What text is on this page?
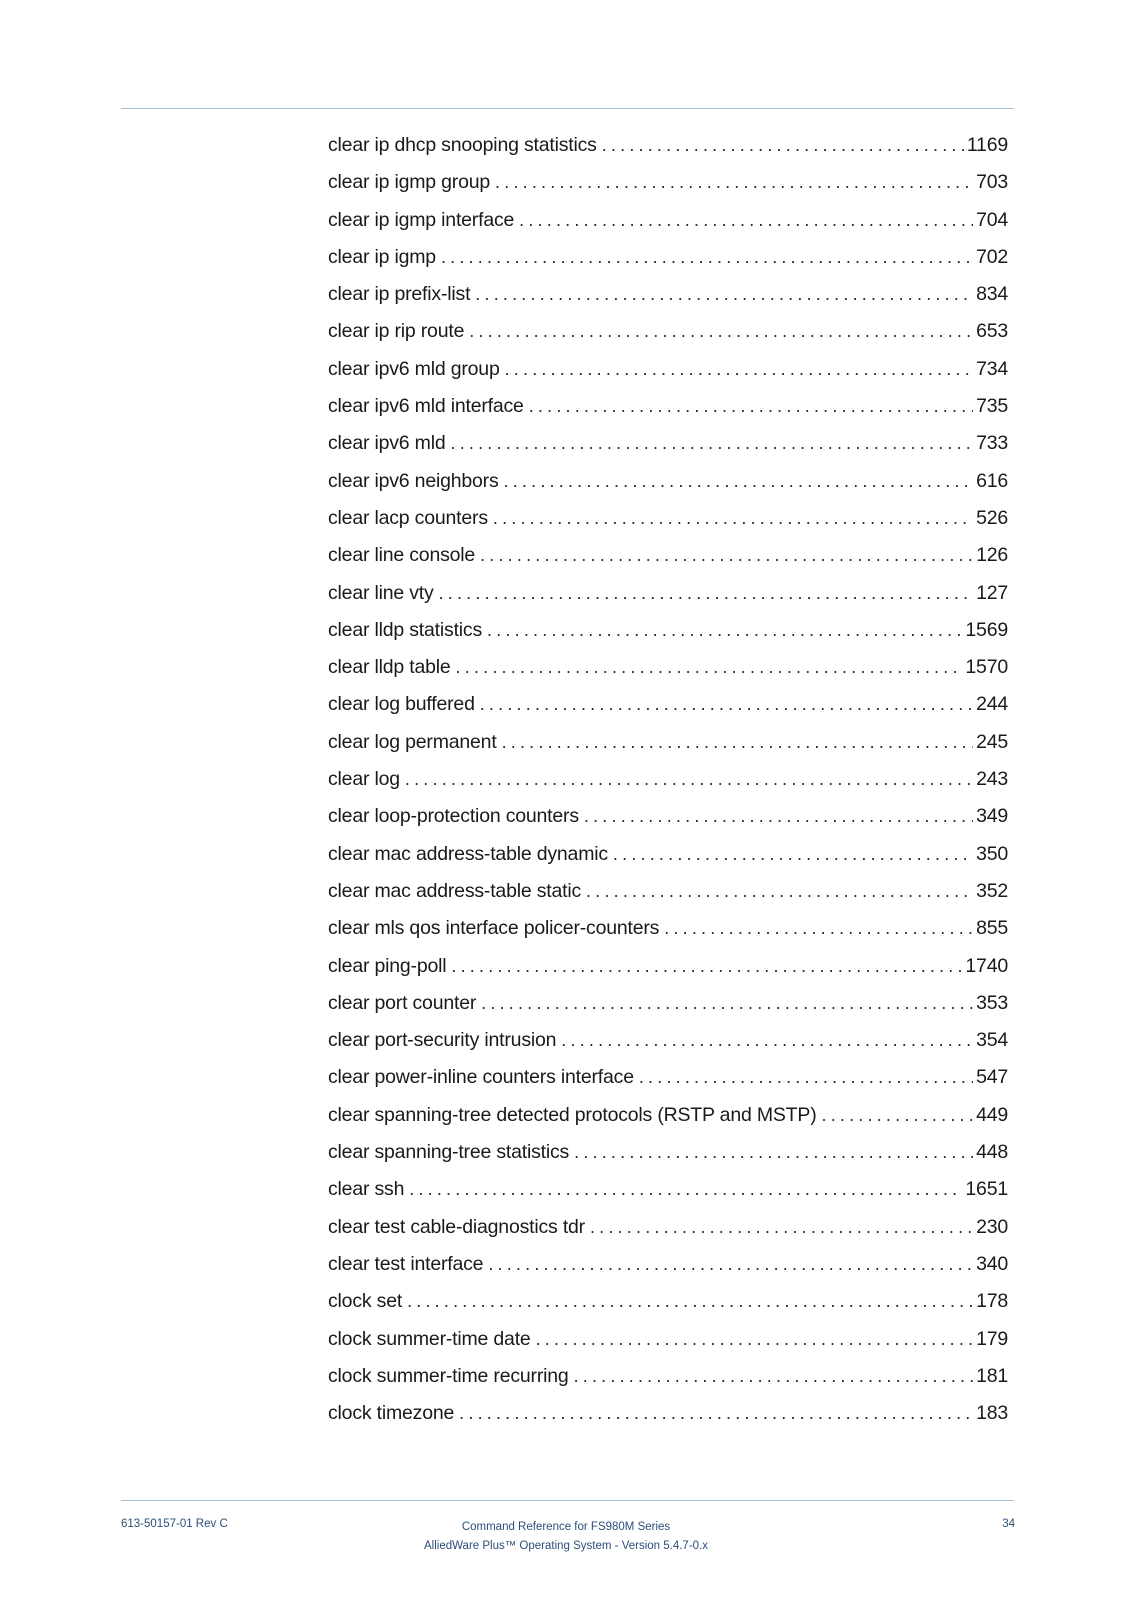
clear ip dhcp snooping statistics . . .	1169
clear ip igmp group . . .	703
clear ip igmp interface . . .	704
clear ip igmp . . .	702
clear ip prefix-list . . .	834
clear ip rip route . . .	653
clear ipv6 mld group . . .	734
clear ipv6 mld interface . . .	735
clear ipv6 mld . . .	733
clear ipv6 neighbors . . .	616
clear lacp counters . . .	526
clear line console . . .	126
clear line vty . . .	127
clear lldp statistics . . .	1569
clear lldp table . . .	1570
clear log buffered . . .	244
clear log permanent . . .	245
clear log . . .	243
clear loop-protection counters . . .	349
clear mac address-table dynamic . . .	350
clear mac address-table static . . .	352
clear mls qos interface policer-counters . . .	855
clear ping-poll . . .	1740
clear port counter . . .	353
clear port-security intrusion . . .	354
clear power-inline counters interface . . .	547
clear spanning-tree detected protocols (RSTP and MSTP) . . .	449
clear spanning-tree statistics . . .	448
clear ssh . . .	1651
clear test cable-diagnostics tdr . . .	230
clear test interface . . .	340
clock set . . .	178
clock summer-time date . . .	179
clock summer-time recurring . . .	181
clock timezone . . .	183
613-50157-01 Rev C	Command Reference for FS980M Series
AlliedWare Plus™ Operating System - Version 5.4.7-0.x
34
